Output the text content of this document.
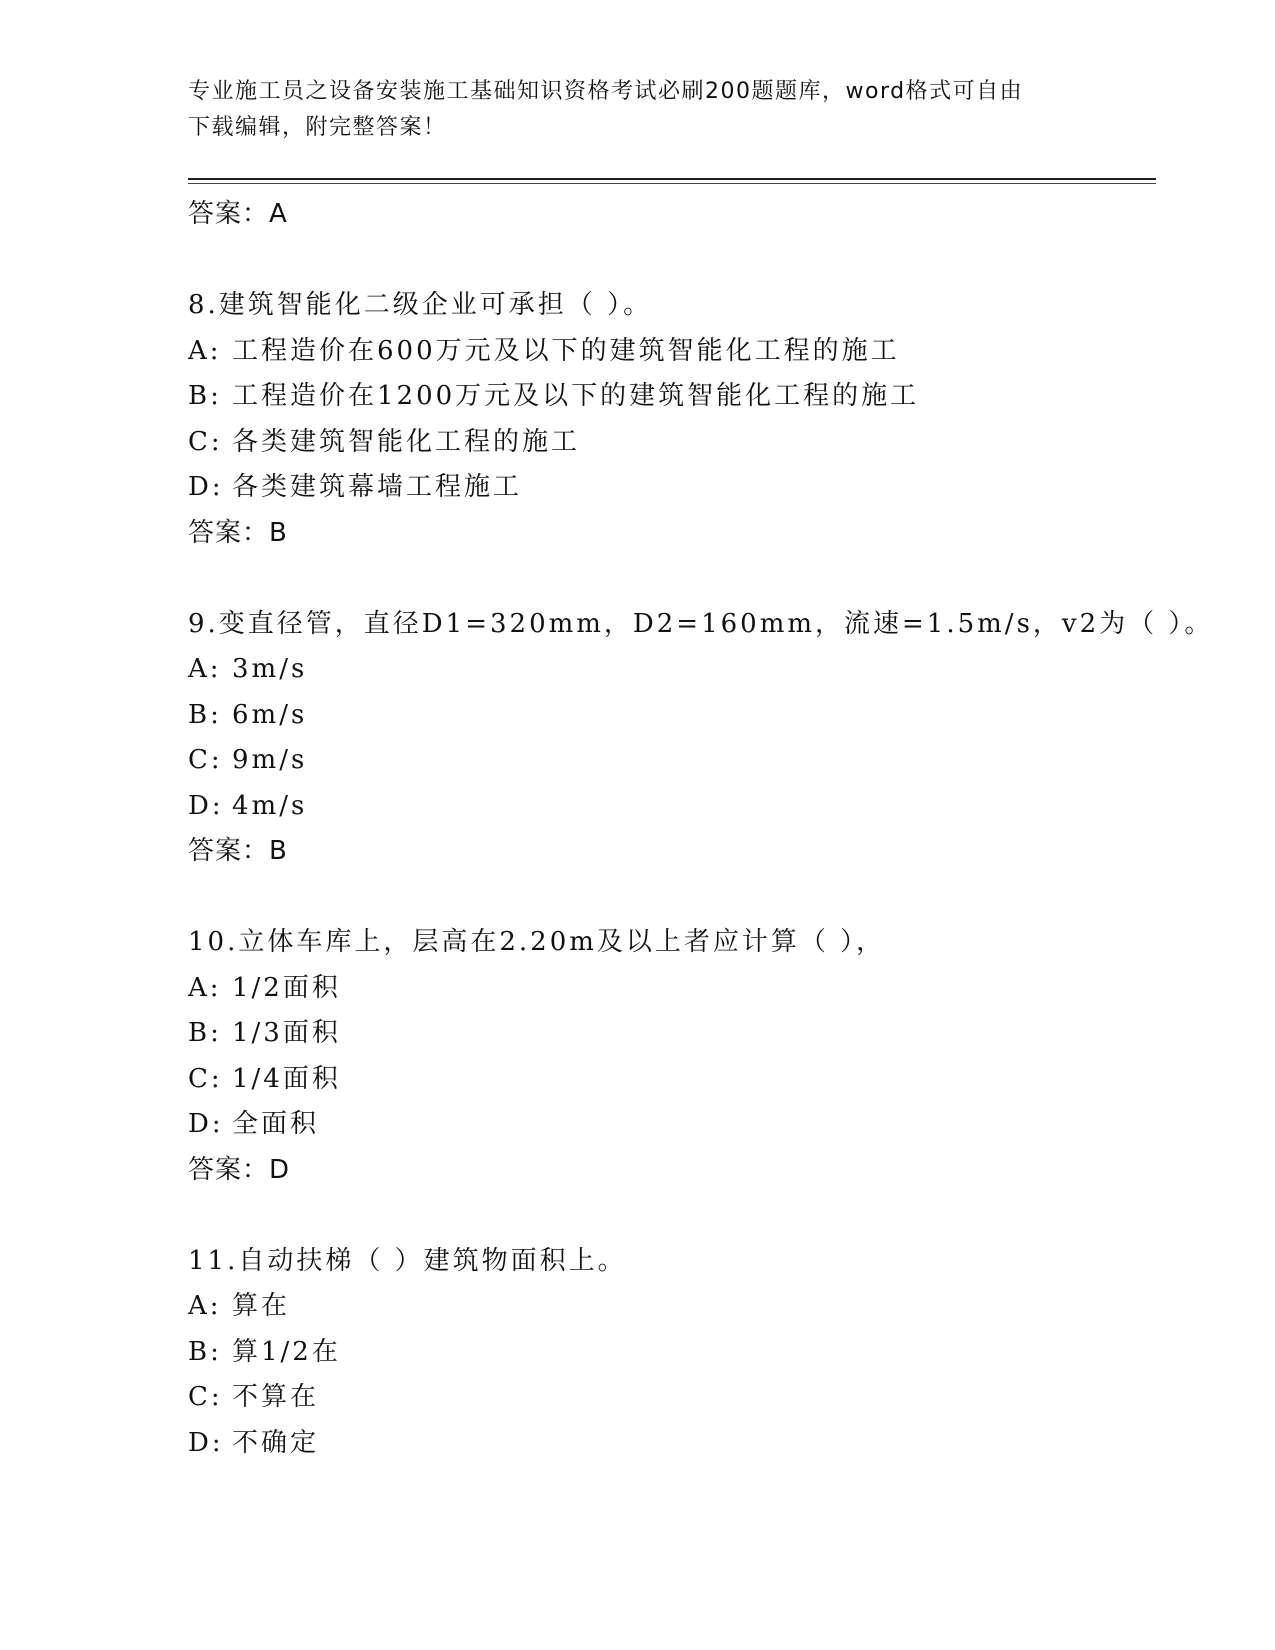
专业施工员之设备安装施工基础知识资格考试必刷200题题库，word格式可自由
下载编辑，附完整答案！
答案：A
8.建筑智能化二级企业可承担（ ）。
A: 工程造价在600万元及以下的建筑智能化工程的施工
B: 工程造价在1200万元及以下的建筑智能化工程的施工
C: 各类建筑智能化工程的施工
D: 各类建筑幕墙工程施工
答案：B
9.变直径管，直径D1=320mm，D2=160mm，流速=1.5m/s，v2为（ ）。
A: 3m/s
B: 6m/s
C: 9m/s
D: 4m/s
答案：B
10.立体车库上，层高在2.20m及以上者应计算（ ），
A: 1/2面积
B: 1/3面积
C: 1/4面积
D: 全面积
答案：D
11.自动扶梯（ ）建筑物面积上。
A: 算在
B: 算1/2在
C: 不算在
D: 不确定
